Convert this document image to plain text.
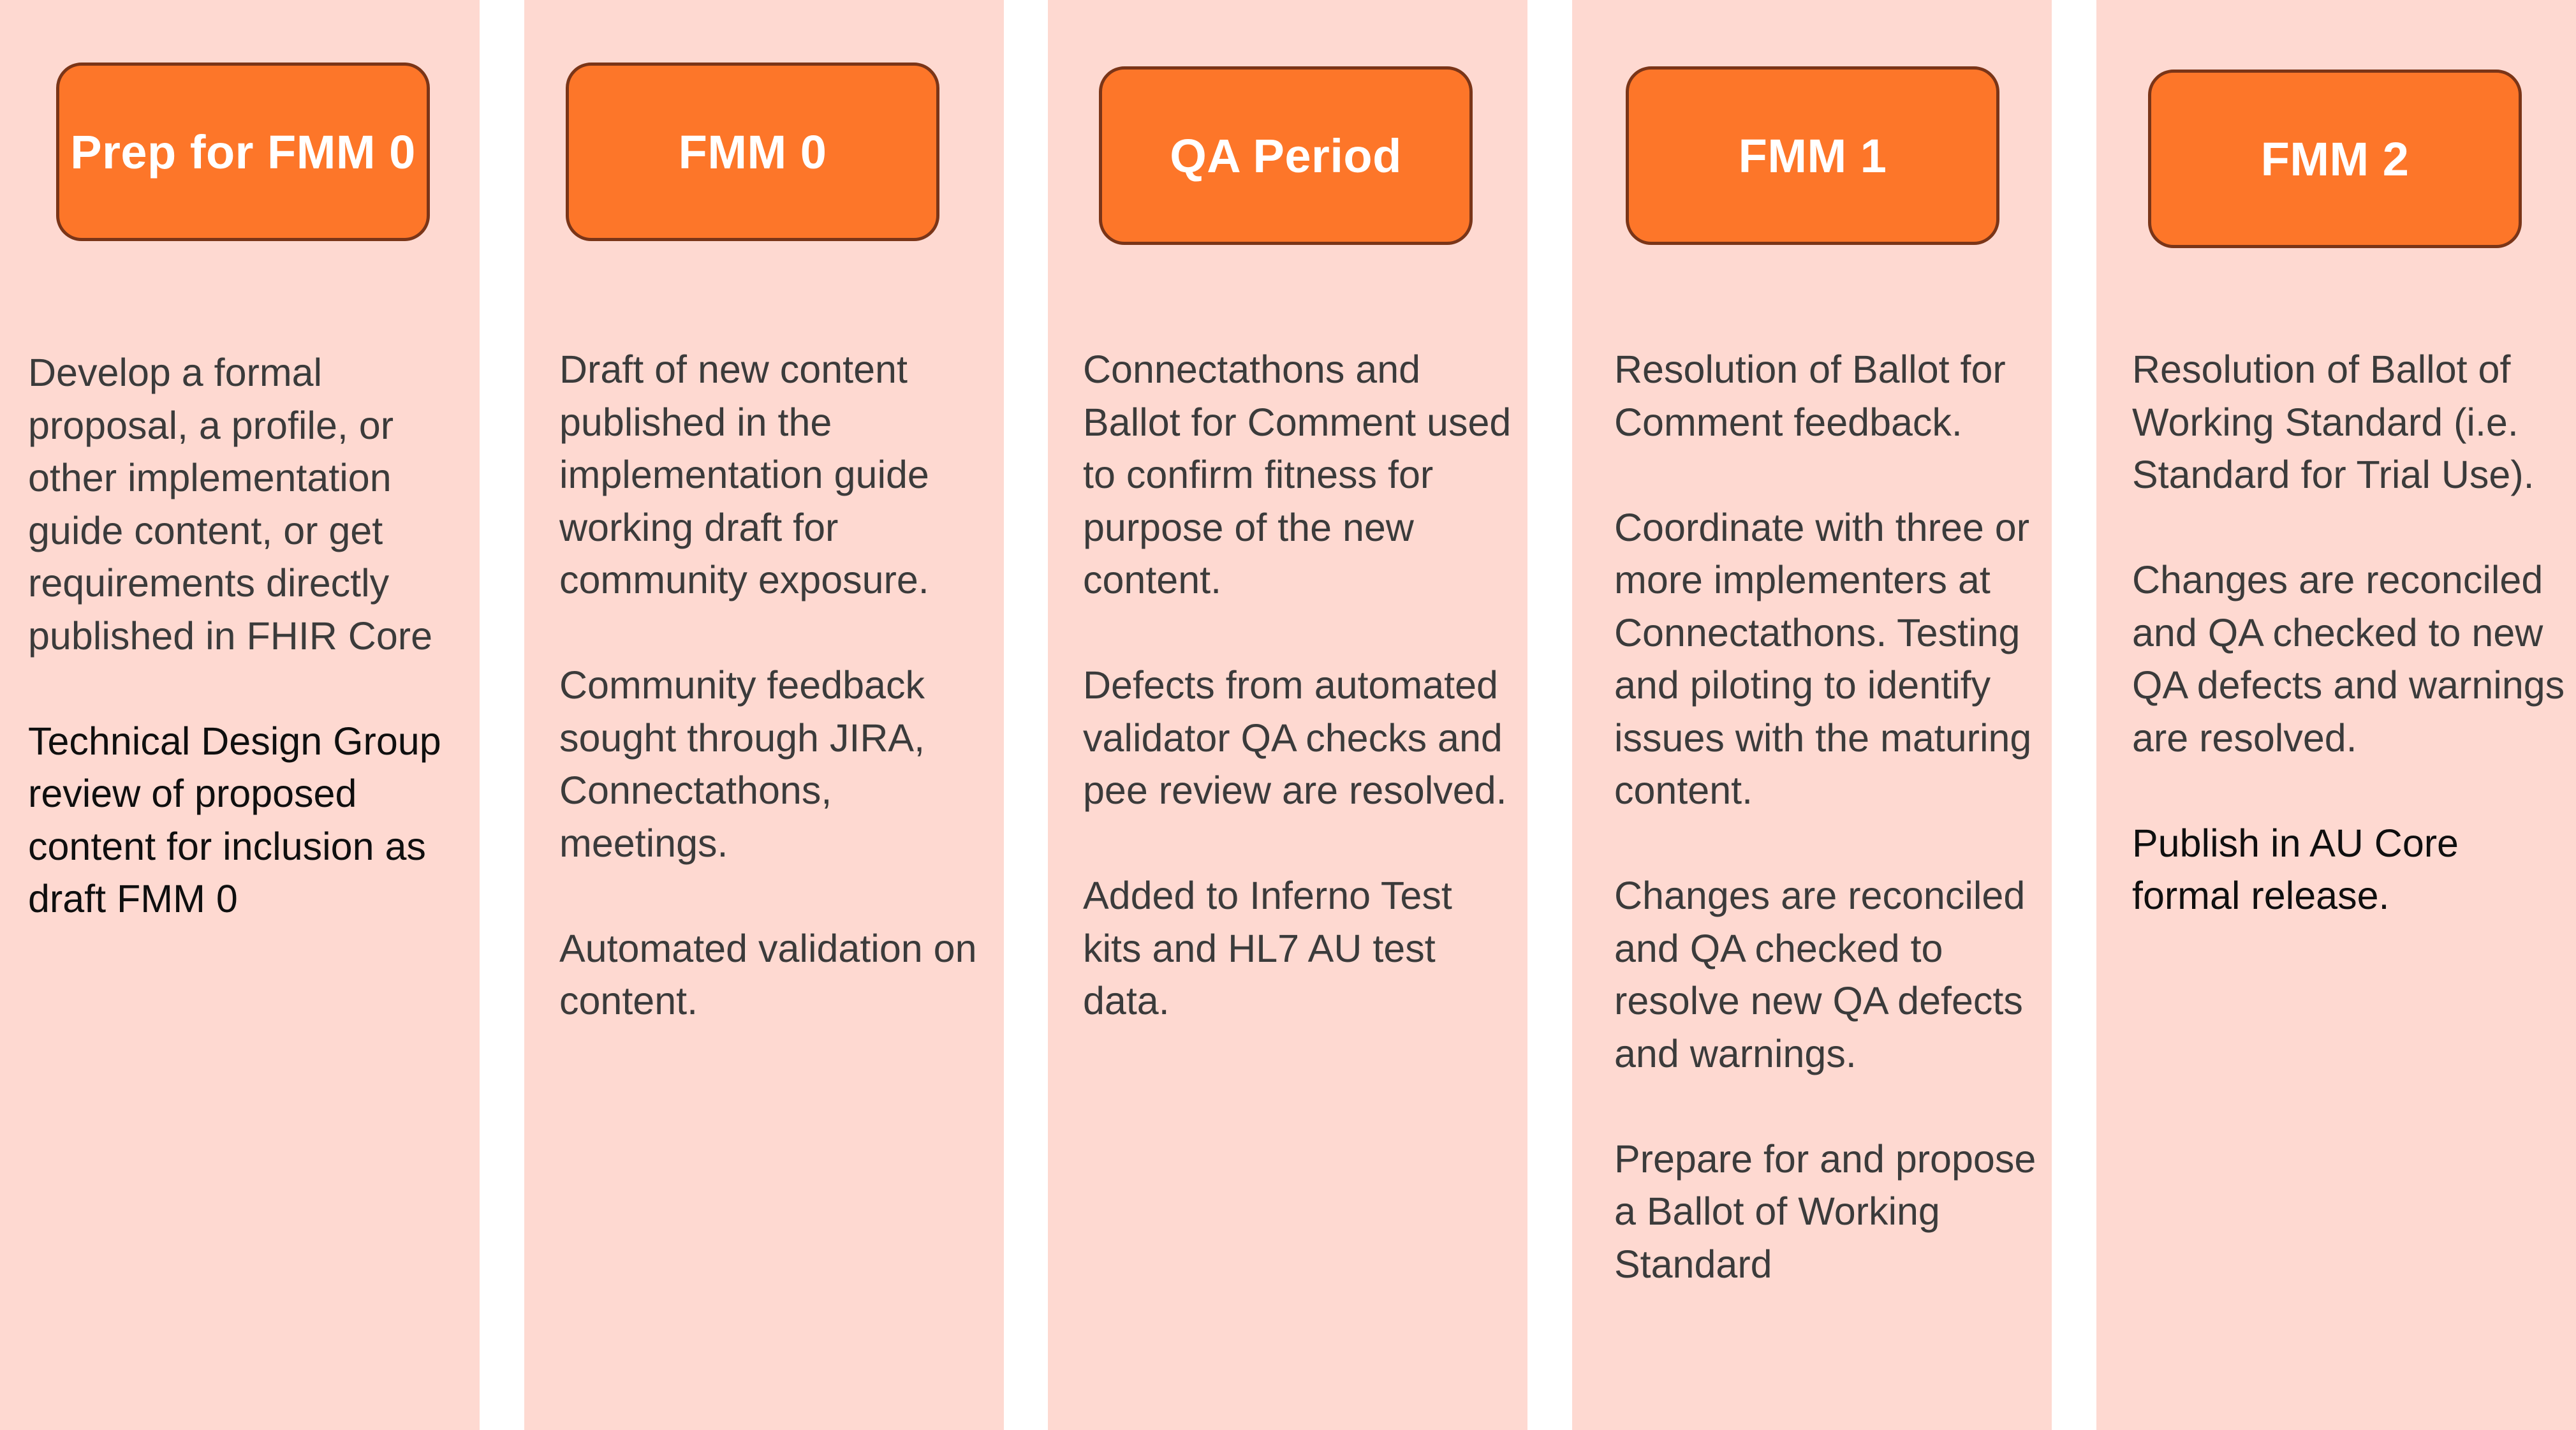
Prep for FMM 0

Develop a formal proposal, a profile, or other implementation guide content, or get requirements directly published in FHIR Core

Technical Design Group review of proposed content for inclusion as draft FMM 0

FMM 0

Draft of new content published in the implementation guide working draft for community exposure.

Community feedback sought through JIRA, Connectathons, meetings.

Automated validation on content.

QA Period

Connectathons and Ballot for Comment used to confirm fitness for purpose of the new content.

Defects from automated validator QA checks and pee review are resolved.

Added to Inferno Test kits and HL7 AU test data.

FMM 1

Resolution of Ballot for Comment feedback.

Coordinate with three or more implementers at Connectathons. Testing and piloting to identify issues with the maturing content.

Changes are reconciled and QA checked to resolve new QA defects and warnings.

Prepare for and propose a Ballot of Working Standard

FMM 2

Resolution of Ballot of Working Standard (i.e. Standard for Trial Use).

Changes are reconciled and QA checked to new QA defects and warnings are resolved.

Publish in AU Core formal release.
